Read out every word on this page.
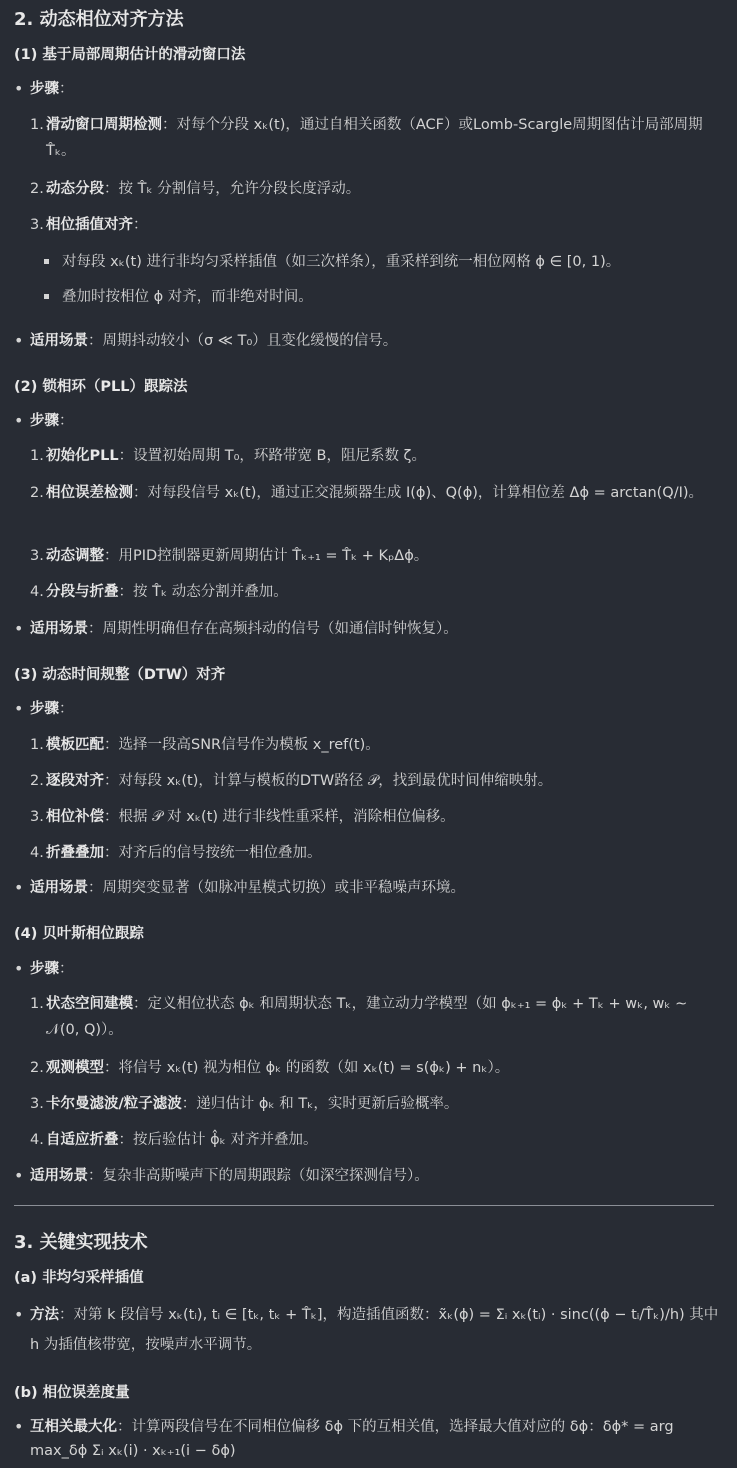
2. 动态相位对齐方法
(1) 基于局部周期估计的滑动窗口法
• 步骤：
1. 滑动窗口周期检测：对每个分段 xₖ(t)，通过自相关函数（ACF）或Lomb-Scargle周期图估计局部周期 T̂ₖ。
2. 动态分段：按 T̂ₖ 分割信号，允许分段长度浮动。
3. 相位插值对齐：
对每段 xₖ(t) 进行非均匀采样插值（如三次样条），重采样到统一相位网格 ϕ ∈ [0, 1)。
叠加时按相位 ϕ 对齐，而非绝对时间。
• 适用场景：周期抖动较小（σ ≪ T₀）且变化缓慢的信号。
(2) 锁相环（PLL）跟踪法
• 步骤：
1. 初始化PLL：设置初始周期 T₀，环路带宽 B，阻尼系数 ζ。
2. 相位误差检测：对每段信号 xₖ(t)，通过正交混频器生成 I(ϕ)、Q(ϕ)，计算相位差 Δϕ = arctan(Q/I)。
3. 动态调整：用PID控制器更新周期估计 T̂ₖ₊₁ = T̂ₖ + KₚΔϕ。
4. 分段与折叠：按 T̂ₖ 动态分割并叠加。
• 适用场景：周期性明确但存在高频抖动的信号（如通信时钟恢复）。
(3) 动态时间规整（DTW）对齐
• 步骤：
1. 模板匹配：选择一段高SNR信号作为模板 x_ref(t)。
2. 逐段对齐：对每段 xₖ(t)，计算与模板的DTW路径 𝒫，找到最优时间伸缩映射。
3. 相位补偿：根据 𝒫 对 xₖ(t) 进行非线性重采样，消除相位偏移。
4. 折叠叠加：对齐后的信号按统一相位叠加。
• 适用场景：周期突变显著（如脉冲星模式切换）或非平稳噪声环境。
(4) 贝叶斯相位跟踪
• 步骤：
1. 状态空间建模：定义相位状态 ϕₖ 和周期状态 Tₖ，建立动力学模型（如 ϕₖ₊₁ = ϕₖ + Tₖ + wₖ, wₖ ∼ 𝒩(0, Q)）。
2. 观测模型：将信号 xₖ(t) 视为相位 ϕₖ 的函数（如 xₖ(t) = s(ϕₖ) + nₖ）。
3. 卡尔曼滤波/粒子滤波：递归估计 ϕₖ 和 Tₖ，实时更新后验概率。
4. 自适应折叠：按后验估计 ϕ̂ₖ 对齐并叠加。
• 适用场景：复杂非高斯噪声下的周期跟踪（如深空探测信号）。
3. 关键实现技术
(a) 非均匀采样插值
• 方法：对第 k 段信号 xₖ(tᵢ), tᵢ ∈ [tₖ, tₖ + T̂ₖ]，构造插值函数：x̃ₖ(ϕ) = Σᵢ xₖ(tᵢ) · sinc((ϕ − tᵢ/T̂ₖ)/h) 其中 h 为插值核带宽，按噪声水平调节。
(b) 相位误差度量
• 互相关最大化：计算两段信号在不同相位偏移 δϕ 下的互相关值，选择最大值对应的 δϕ：δϕ* = arg max_δϕ Σᵢ xₖ(i) · xₖ₊₁(i − δϕ)
